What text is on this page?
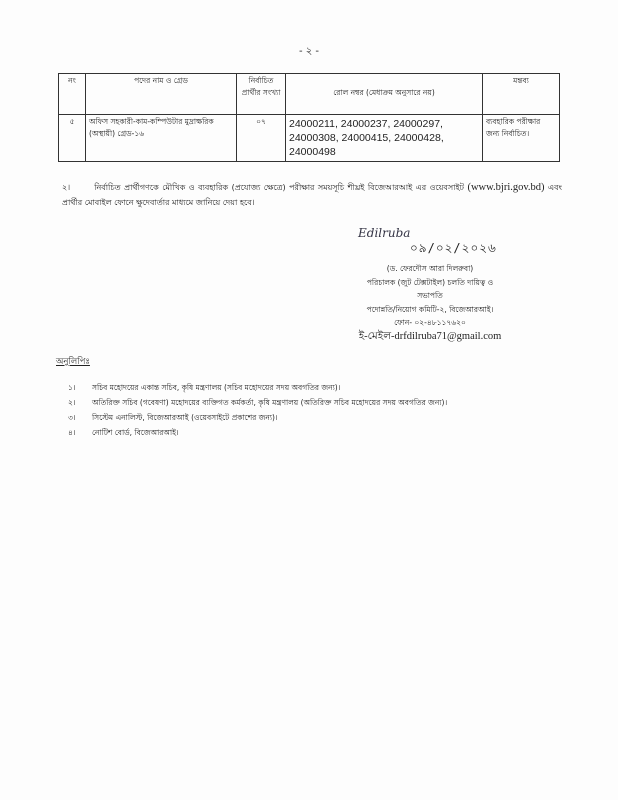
- ২ -
নং	পদের নাম ও গ্রেড	নির্বাচিত প্রার্থীর সংখ্যা	রোল নম্বর (মেধাক্রম অনুসারে নয়)	মন্তব্য
৫	অফিস সহকারী-কাম-কম্পিউটার মুদ্রাক্ষরিক (অস্থায়ী) গ্রেড-১৬	০৭	24000211, 24000237, 24000297, 24000308, 24000415, 24000428, 24000498	ব্যবহারিক পরীক্ষার জন্য নির্বাচিত।
২।	নির্বাচিত প্রার্থীগণকে মৌখিক ও ব্যবহারিক (প্রযোজ্য ক্ষেত্রে) পরীক্ষার সময়সূচি শীঘ্রই বিজেআরআই এর ওয়েবসাইট (www.bjri.gov.bd) এবং প্রার্থীর মোবাইল ফোনে ক্ষুদেবার্তার মাধ্যমে জানিয়ে দেয়া হবে।
Edilruba
০৯/০২/২০২৬
(ড. ফেরদৌস আরা দিলরুবা)
পরিচালক (জুট টেক্সটাইল) চলতি দায়িত্ব ও
সভাপতি
পদোন্নতি/নিয়োগ কমিটি-২, বিজেআরআই।
ফোন- ০২-৪৮১১৭৬২০
ই-মেইল-drfdilruba71@gmail.com
অনুলিপিঃ
১। সচিব মহোদয়ের একান্ত সচিব, কৃষি মন্ত্রণালয় (সচিব মহোদয়ের সদয় অবগতির জন্য)।
২। অতিরিক্ত সচিব (গবেষণা) মহোদয়ের ব্যক্তিগত কর্মকর্তা, কৃষি মন্ত্রণালয় (অতিরিক্ত সচিব মহোদয়ের সদয় অবগতির জন্য)।
৩। সিস্টেম এনালিস্ট, বিজেআরআই (ওয়েবসাইটে প্রকাশের জন্য)।
৪। নোটিশ বোর্ড, বিজেআরআই।
